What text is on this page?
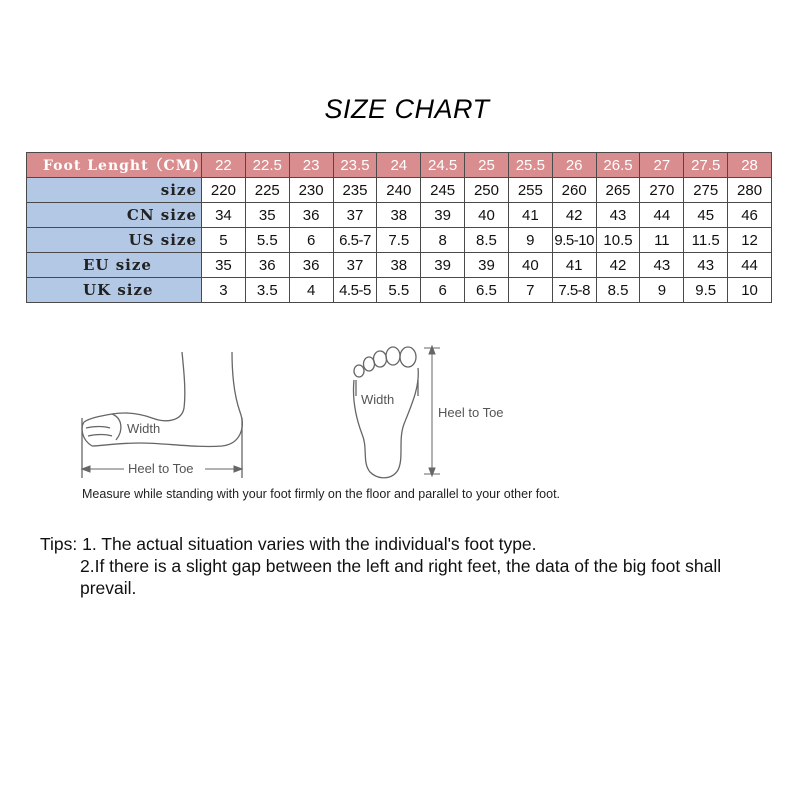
SIZE CHART
Foot Lenght（CM)	22	22.5	23	23.5	24	24.5	25	25.5	26	26.5	27	27.5	28
size	220	225	230	235	240	245	250	255	260	265	270	275	280
CN size	34	35	36	37	38	39	40	41	42	43	44	45	46
US size	5	5.5	6	6.5-7	7.5	8	8.5	9	9.5-10	10.5	11	11.5	12
EU size	35	36	36	37	38	39	39	40	41	42	43	43	44
UK size	3	3.5	4	4.5-5	5.5	6	6.5	7	7.5-8	8.5	9	9.5	10
Width
Heel to Toe
Width
Heel to Toe
Measure while standing with your foot firmly on the floor and parallel to your other foot.
Tips: 1. The actual situation varies with the individual's foot type.
2.If there is a slight gap between the left and right feet, the data of the big foot shall prevail.
